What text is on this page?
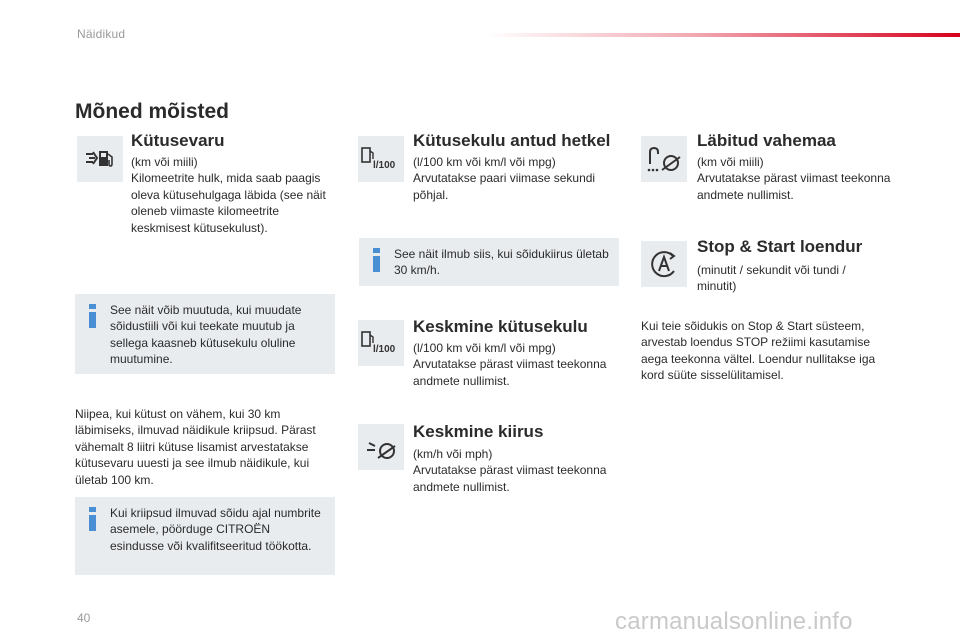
Näidikud
Mõned mõisted
Kütusevaru
(km või miili)
Kilomeetrite hulk, mida saab paagis oleva kütusehulgaga läbida (see näit oleneb viimaste kilomeetrite keskmisest kütusekulust).
See näit võib muutuda, kui muudate sõidustiili või kui teekate muutub ja sellega kaasneb kütusekulu oluline muutumine.
Niipea, kui kütust on vähem, kui 30 km läbimiseks, ilmuvad näidikule kriipsud. Pärast vähemalt 8 liitri kütuse lisamist arvestatakse kütusevaru uuesti ja see ilmub näidikule, kui ületab 100 km.
Kui kriipsud ilmuvad sõidu ajal numbrite asemele, pöörduge CITROËN esindusse või kvalifitseeritud töökotta.
l/100
Kütusekulu antud hetkel
(l/100 km või km/l või mpg)
Arvutatakse paari viimase sekundi põhjal.
See näit ilmub siis, kui sõidukiirus ületab 30 km/h.
l/100
Keskmine kütusekulu
(l/100 km või km/l või mpg)
Arvutatakse pärast viimast teekonna andmete nullimist.
Keskmine kiirus
(km/h või mph)
Arvutatakse pärast viimast teekonna andmete nullimist.
Läbitud vahemaa
(km või miili)
Arvutatakse pärast viimast teekonna andmete nullimist.
Stop & Start loendur
(minutit / sekundit või tundi / minutit)
Kui teie sõidukis on Stop & Start süsteem, arvestab loendus STOP režiimi kasutamise aega teekonna vältel. Loendur nullitakse iga kord süüte sisselülitamisel.
40	carmanualsonline.info
